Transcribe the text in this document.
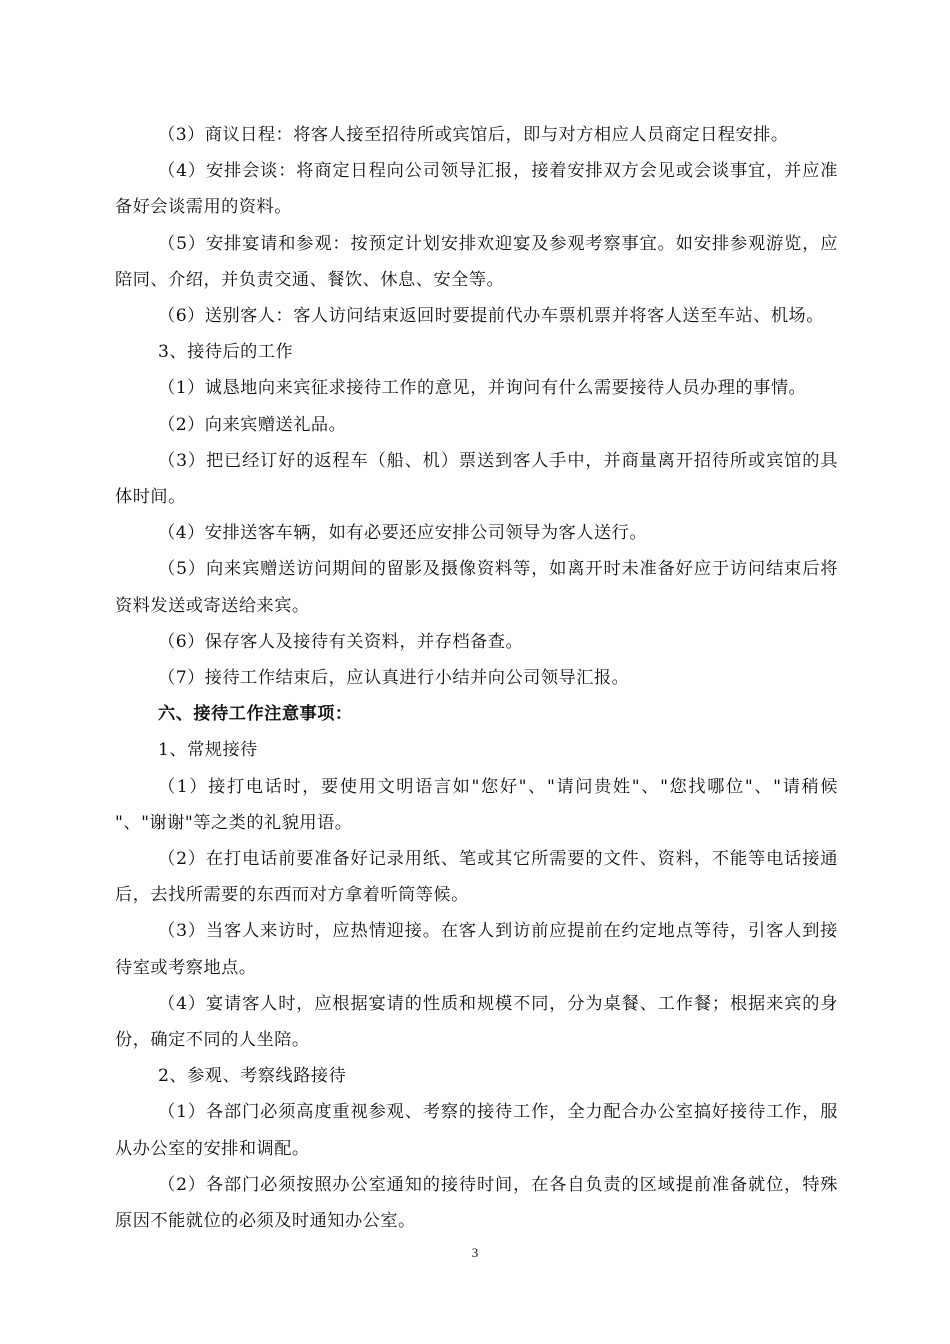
（3）商议日程：将客人接至招待所或宾馆后，即与对方相应人员商定日程安排。

（4）安排会谈：将商定日程向公司领导汇报，接着安排双方会见或会谈事宜，并应准备好会谈需用的资料。

（5）安排宴请和参观：按预定计划安排欢迎宴及参观考察事宜。如安排参观游览，应陪同、介绍，并负责交通、餐饮、休息、安全等。

（6）送别客人：客人访问结束返回时要提前代办车票机票并将客人送至车站、机场。

3、接待后的工作

（1）诚恳地向来宾征求接待工作的意见，并询问有什么需要接待人员办理的事情。

（2）向来宾赠送礼品。

（3）把已经订好的返程车（船、机）票送到客人手中，并商量离开招待所或宾馆的具体时间。

（4）安排送客车辆，如有必要还应安排公司领导为客人送行。

（5）向来宾赠送访问期间的留影及摄像资料等，如离开时未准备好应于访问结束后将资料发送或寄送给来宾。

（6）保存客人及接待有关资料，并存档备查。

（7）接待工作结束后，应认真进行小结并向公司领导汇报。

六、接待工作注意事项：

1、常规接待

（1）接打电话时，要使用文明语言如"您好"、"请问贵姓"、"您找哪位"、"请稍候 "、"谢谢"等之类的礼貌用语。

（2）在打电话前要准备好记录用纸、笔或其它所需要的文件、资料，不能等电话接通后，去找所需要的东西而对方拿着听筒等候。

（3）当客人来访时，应热情迎接。在客人到访前应提前在约定地点等待，引客人到接待室或考察地点。

（4）宴请客人时，应根据宴请的性质和规模不同，分为桌餐、工作餐；根据来宾的身份，确定不同的人坐陪。

2、参观、考察线路接待

（1）各部门必须高度重视参观、考察的接待工作，全力配合办公室搞好接待工作，服从办公室的安排和调配。

（2）各部门必须按照办公室通知的接待时间，在各自负责的区域提前准备就位，特殊原因不能就位的必须及时通知办公室。

3
